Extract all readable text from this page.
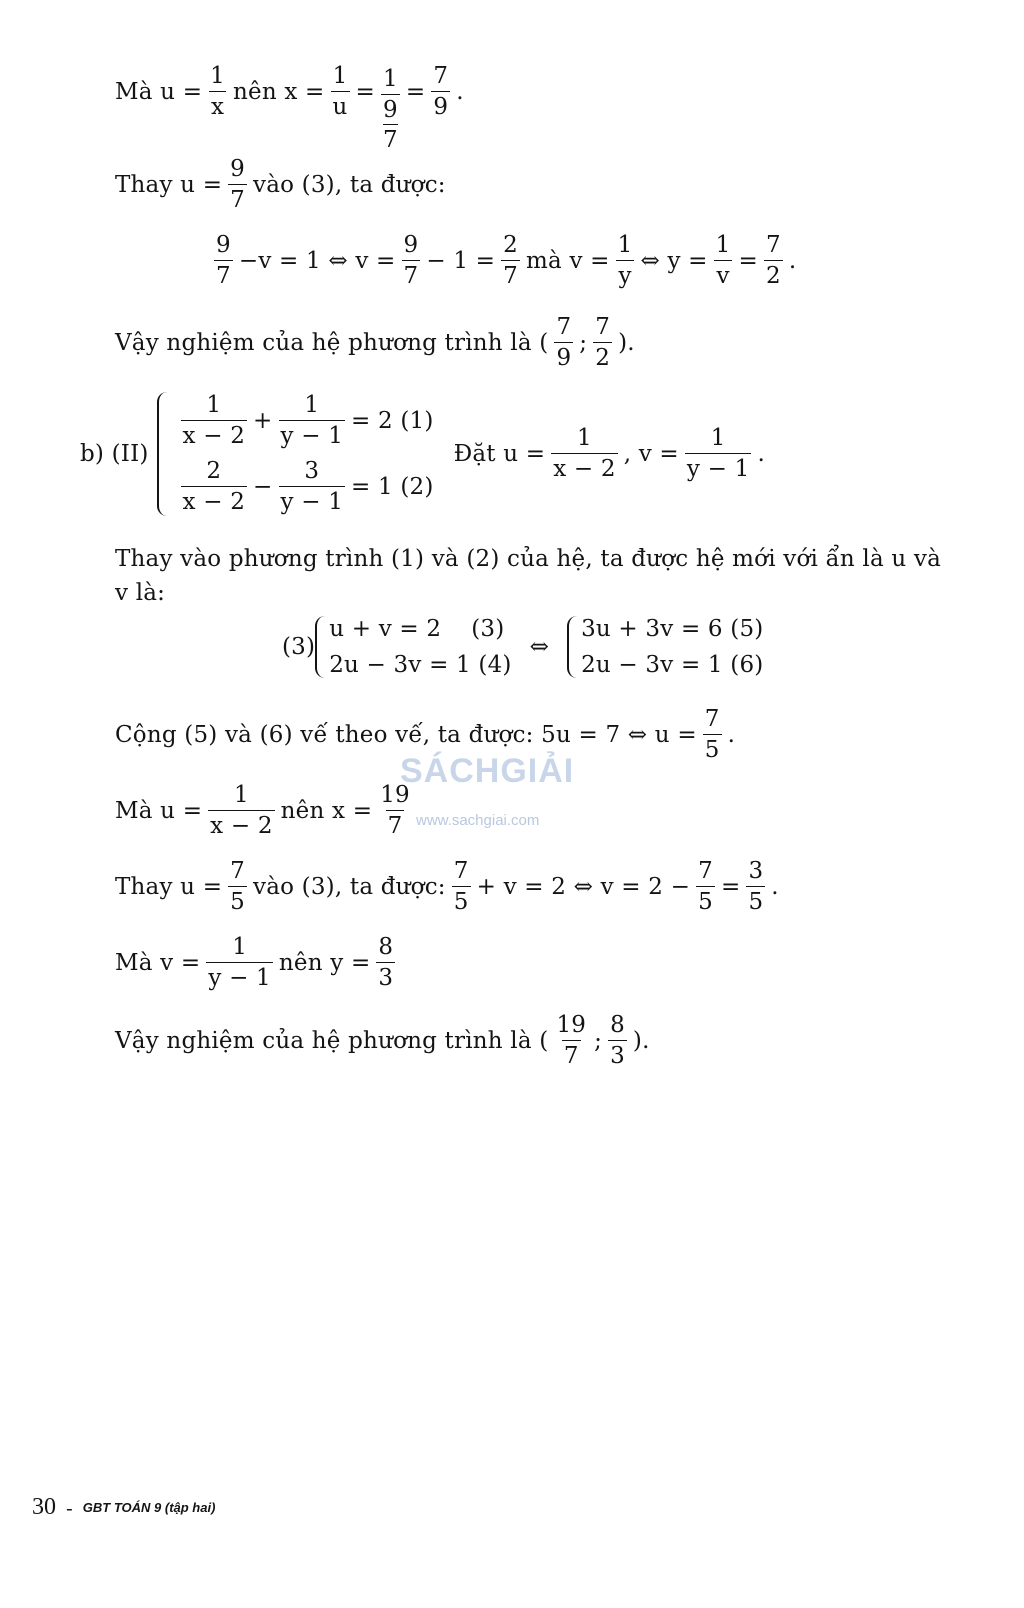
Mà $u = \frac{1}{x}$ nên $x = \frac{1}{u} = 1$
9
$7 = \frac{7}{9}$ .
Thay $u = \frac{9}{7}$ vào (3), ta được:
$\frac{9}{7} -v = 1$ ⇔ $v = \frac{9}{7} - 1 = \frac{2}{7}$ mà $v = \frac{1}{y}$ ⇔ $y = \frac{1}{v} = \frac{7}{2}$ .
Vậy nghiệm của hệ phương trình là ( $\frac{7}{9}$ ; $\frac{7}{2}$ ).
b) (II)
$\frac{1}{x - 2} + \frac{1}{y - 1} = 2$ (1)
$\frac{2}{x - 2} - \frac{3}{y - 1} = 1$ (2)
Đặt $u = \frac{1}{x - 2}$ , $v = \frac{1}{y - 1}$ .
Thay vào phương trình (1) và (2) của hệ, ta được hệ mới với ẩn là u và
v là:
(3)
u + v = 2    (3)
2u − 3v = 1 (4)
⇔
3u + 3v = 6 (5)
2u − 3v = 1 (6)
Cộng (5) và (6) vế theo vế, ta được: 5u = 7 ⇔ $u = \frac{7}{5}$ .
SÁCHGIẢI
www.sachgiai.com
Mà $u = \frac{1}{x - 2}$ nên $x = \frac{19}{7}$
Thay $u = \frac{7}{5}$ vào (3), ta được: $\frac{7}{5} + v = 2$ ⇔ $v = 2 - \frac{7}{5} = \frac{3}{5}$ .
Mà $v = \frac{1}{y - 1}$ nên $y = \frac{8}{3}$
Vậy nghiệm của hệ phương trình là ( $\frac{19}{7}$ ; $\frac{8}{3}$ ).
30 - GBT TOÁN 9 (tập hai)
